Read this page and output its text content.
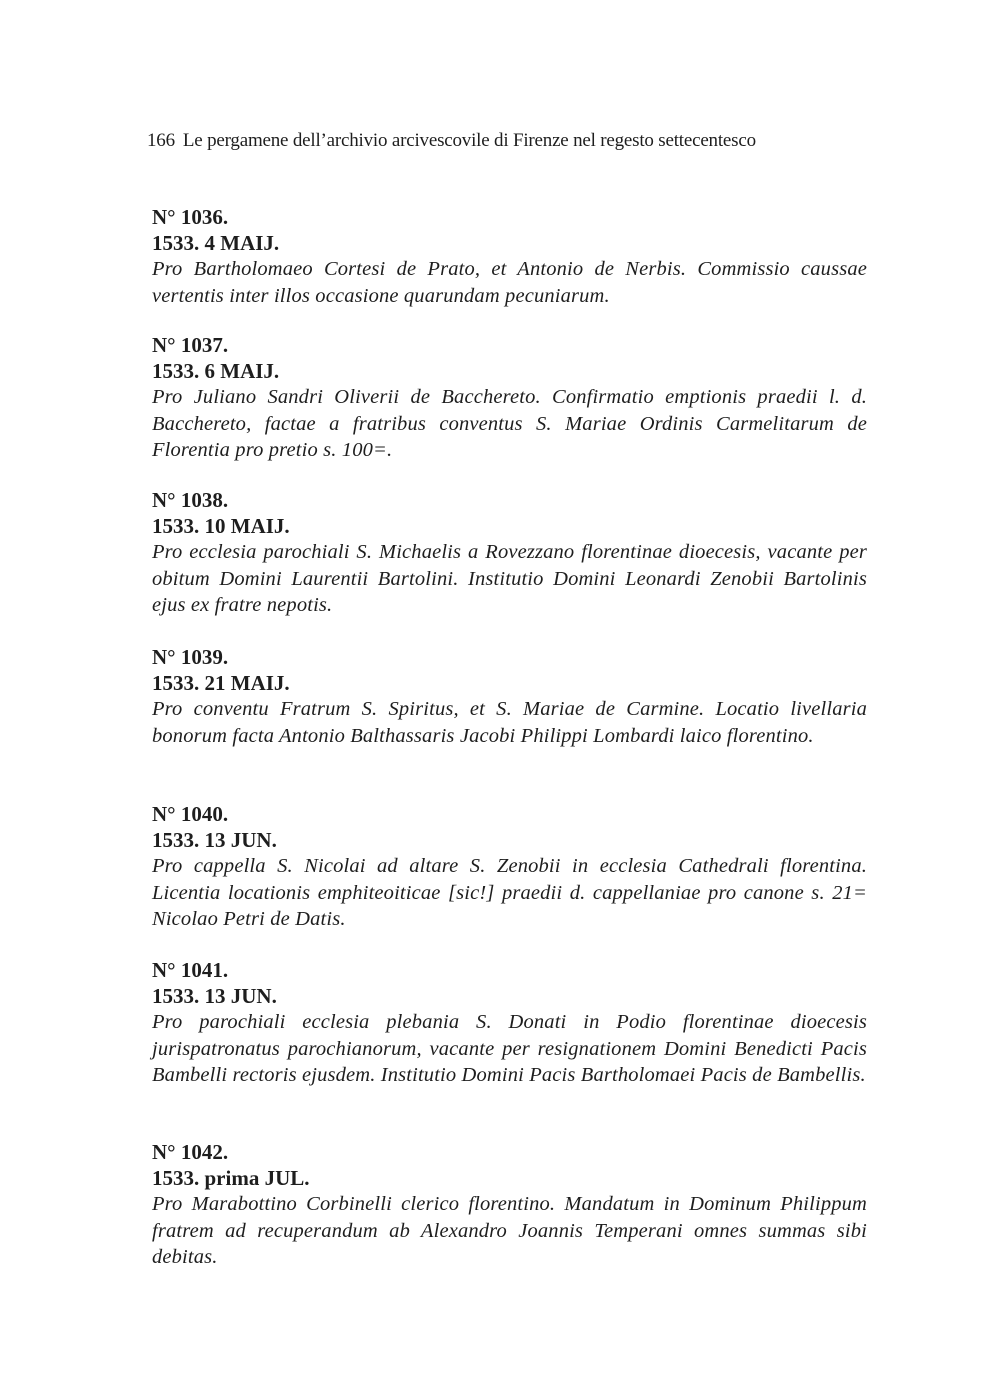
166 Le pergamene dell’archivio arcivescovile di Firenze nel regesto settecentesco
N° 1036.
1533. 4 MAIJ.
Pro Bartholomaeo Cortesi de Prato, et Antonio de Nerbis. Commissio caussae vertentis inter illos occasione quarundam pecuniarum.
N° 1037.
1533. 6 MAIJ.
Pro Juliano Sandri Oliverii de Bacchereto. Confirmatio emptionis praedii l. d. Bacchereto, factae a fratribus conventus S. Mariae Ordinis Carmelitarum de Florentia pro pretio s. 100=.
N° 1038.
1533. 10 MAIJ.
Pro ecclesia parochiali S. Michaelis a Rovezzano florentinae dioecesis, vacante per obitum Domini Laurentii Bartolini. Institutio Domini Leonardi Zenobii Bartolinis ejus ex fratre nepotis.
N° 1039.
1533. 21 MAIJ.
Pro conventu Fratrum S. Spiritus, et S. Mariae de Carmine. Locatio livellaria bonorum facta Antonio Balthassaris Jacobi Philippi Lombardi laico florentino.
N° 1040.
1533. 13 JUN.
Pro cappella S. Nicolai ad altare S. Zenobii in ecclesia Cathedrali florentina. Licentia locationis emphiteoiticae [sic!] praedii d. cappellaniae pro canone s. 21= Nicolao Petri de Datis.
N° 1041.
1533. 13 JUN.
Pro parochiali ecclesia plebania S. Donati in Podio florentinae dioecesis jurispatronatus parochianorum, vacante per resignationem Domini Benedicti Pacis Bambelli rectoris ejusdem. Institutio Domini Pacis Bartholomaei Pacis de Bambellis.
N° 1042.
1533. prima JUL.
Pro Marabottino Corbinelli clerico florentino. Mandatum in Dominum Philippum fratrem ad recuperandum ab Alexandro Joannis Temperani omnes summas sibi debitas.
